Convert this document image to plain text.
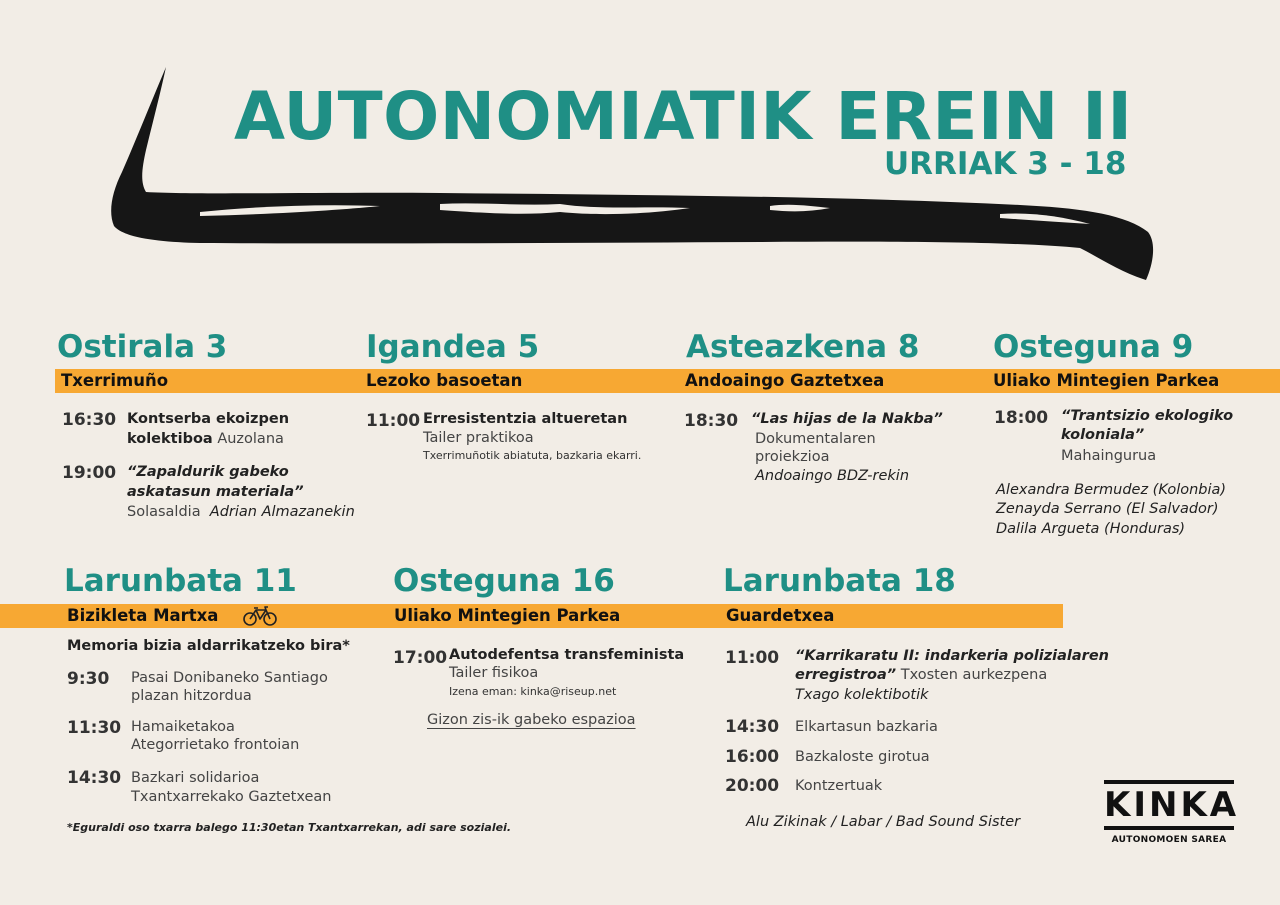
AUTONOMIATIK EREIN II
URRIAK 3 - 18
Ostirala 3
Txerrimuño
16:30 Kontserba ekoizpen
kolektiboa Auzolana
19:00 “Zapaldurik gabeko
askatasun materiala”
Solasaldia Adrian Almazanekin
Igandea 5
Lezoko basoetan
11:00 Erresistentzia altueretan
Tailer praktikoa
Txerrimuñotik abiatuta, bazkaria ekarri.
Asteazkena 8
Andoaingo Gaztetxea
18:30 “Las hijas de la Nakba”
Dokumentalaren
proiekzioa
Andoaingo BDZ-rekin
Osteguna 9
Uliako Mintegien Parkea
18:00 “Trantsizio ekologiko
koloniala”
Mahaingurua
Alexandra Bermudez (Kolonbia)
Zenayda Serrano (El Salvador)
Dalila Argueta (Honduras)
Larunbata 11
Bizikleta Martxa
Memoria bizia aldarrikatzeko bira*
9:30 Pasai Donibaneko Santiago
plazan hitzordua
11:30 Hamaiketakoa
Ategorrietako frontoian
14:30 Bazkari solidarioa
Txantxarrekako Gaztetxean
*Eguraldi oso txarra balego 11:30etan Txantxarrekan, adi sare sozialei.
Osteguna 16
Uliako Mintegien Parkea
17:00 Autodefentsa transfeminista
Tailer fisikoa
Izena eman: kinka@riseup.net
Gizon zis-ik gabeko espazioa
Larunbata 18
Guardetxea
11:00 “Karrikaratu II: indarkeria polizialaren
erregistroa” Txosten aurkezpena
Txago kolektibotik
14:30 Elkartasun bazkaria
16:00 Bazkaloste girotua
20:00 Kontzertuak
Alu Zikinak / Labar / Bad Sound Sister KINKA
AUTONOMOEN SAREA
